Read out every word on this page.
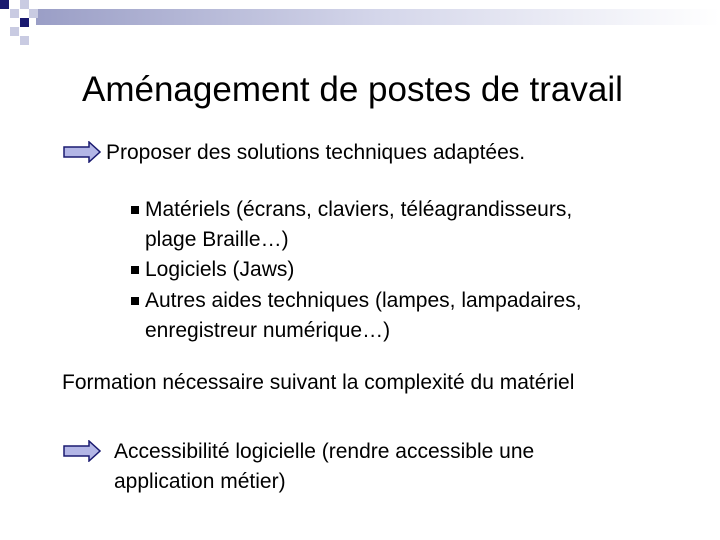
Aménagement de postes de travail
Proposer des solutions techniques adaptées.
Matériels (écrans, claviers, téléagrandisseurs,
plage Braille…)
Logiciels (Jaws)
Autres aides techniques (lampes, lampadaires,
enregistreur numérique…)
Formation nécessaire suivant la complexité du matériel
Accessibilité logicielle (rendre accessible une
application métier)
